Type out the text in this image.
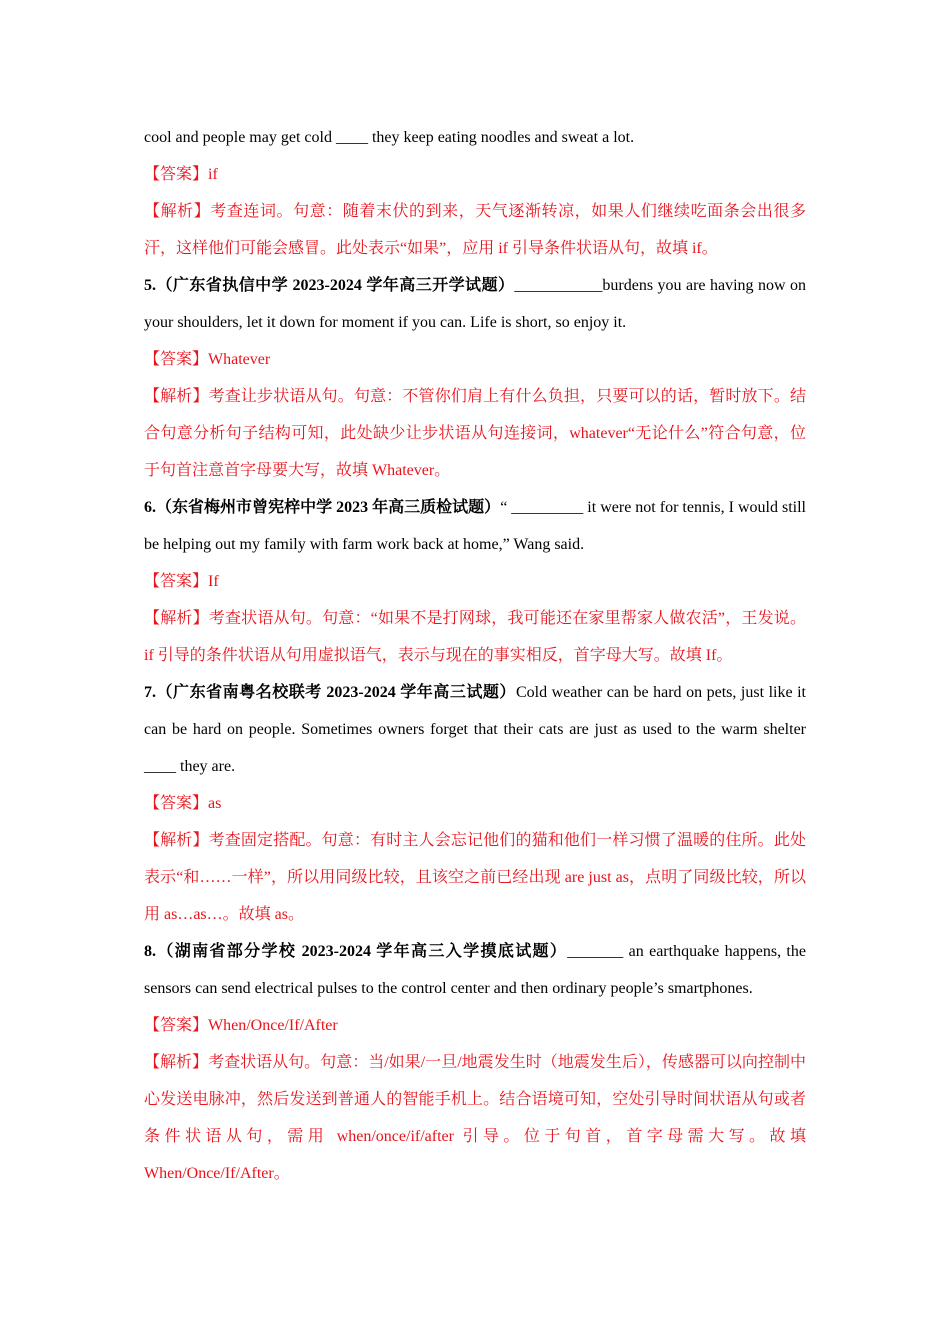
cool and people may get cold ____ they keep eating noodles and sweat a lot.

【答案】if

【解析】考查连词。句意：随着末伏的到来，天气逐渐转凉，如果人们继续吃面条会出很多汗，这样他们可能会感冒。此处表示“如果”，应用 if 引导条件状语从句，故填 if。

5.（广东省执信中学 2023-2024 学年高三开学试题）___________burdens you are having now on your shoulders, let it down for moment if you can. Life is short, so enjoy it.

【答案】Whatever

【解析】考查让步状语从句。句意：不管你们肩上有什么负担，只要可以的话，暂时放下。结合句意分析句子结构可知，此处缺少让步状语从句连接词，whatever“无论什么”符合句意，位于句首注意首字母要大写，故填 Whatever。

6.（东省梅州市曾宪梓中学 2023 年高三质检试题）“ _________ it were not for tennis, I would still be helping out my family with farm work back at home,” Wang said.

【答案】If

【解析】考查状语从句。句意：“如果不是打网球，我可能还在家里帮家人做农活”，王发说。if 引导的条件状语从句用虚拟语气，表示与现在的事实相反，首字母大写。故填 If。

7.（广东省南粤名校联考 2023-2024 学年高三试题）Cold weather can be hard on pets, just like it can be hard on people. Sometimes owners forget that their cats are just as used to the warm shelter ____ they are.

【答案】as

【解析】考查固定搭配。句意：有时主人会忘记他们的猫和他们一样习惯了温暖的住所。此处表示“和……一样”，所以用同级比较，且该空之前已经出现 are just as，点明了同级比较，所以用 as…as…。故填 as。

8.（湖南省部分学校 2023-2024 学年高三入学摸底试题）_______ an earthquake happens, the sensors can send electrical pulses to the control center and then ordinary people’s smartphones.

【答案】When/Once/If/After

【解析】考查状语从句。句意：当/如果/一旦/地震发生时（地震发生后），传感器可以向控制中心发送电脉冲，然后发送到普通人的智能手机上。结合语境可知，空处引导时间状语从句或者条件状语从句，需用 when/once/if/after 引导。位于句首，首字母需大写。故填 When/Once/If/After。
